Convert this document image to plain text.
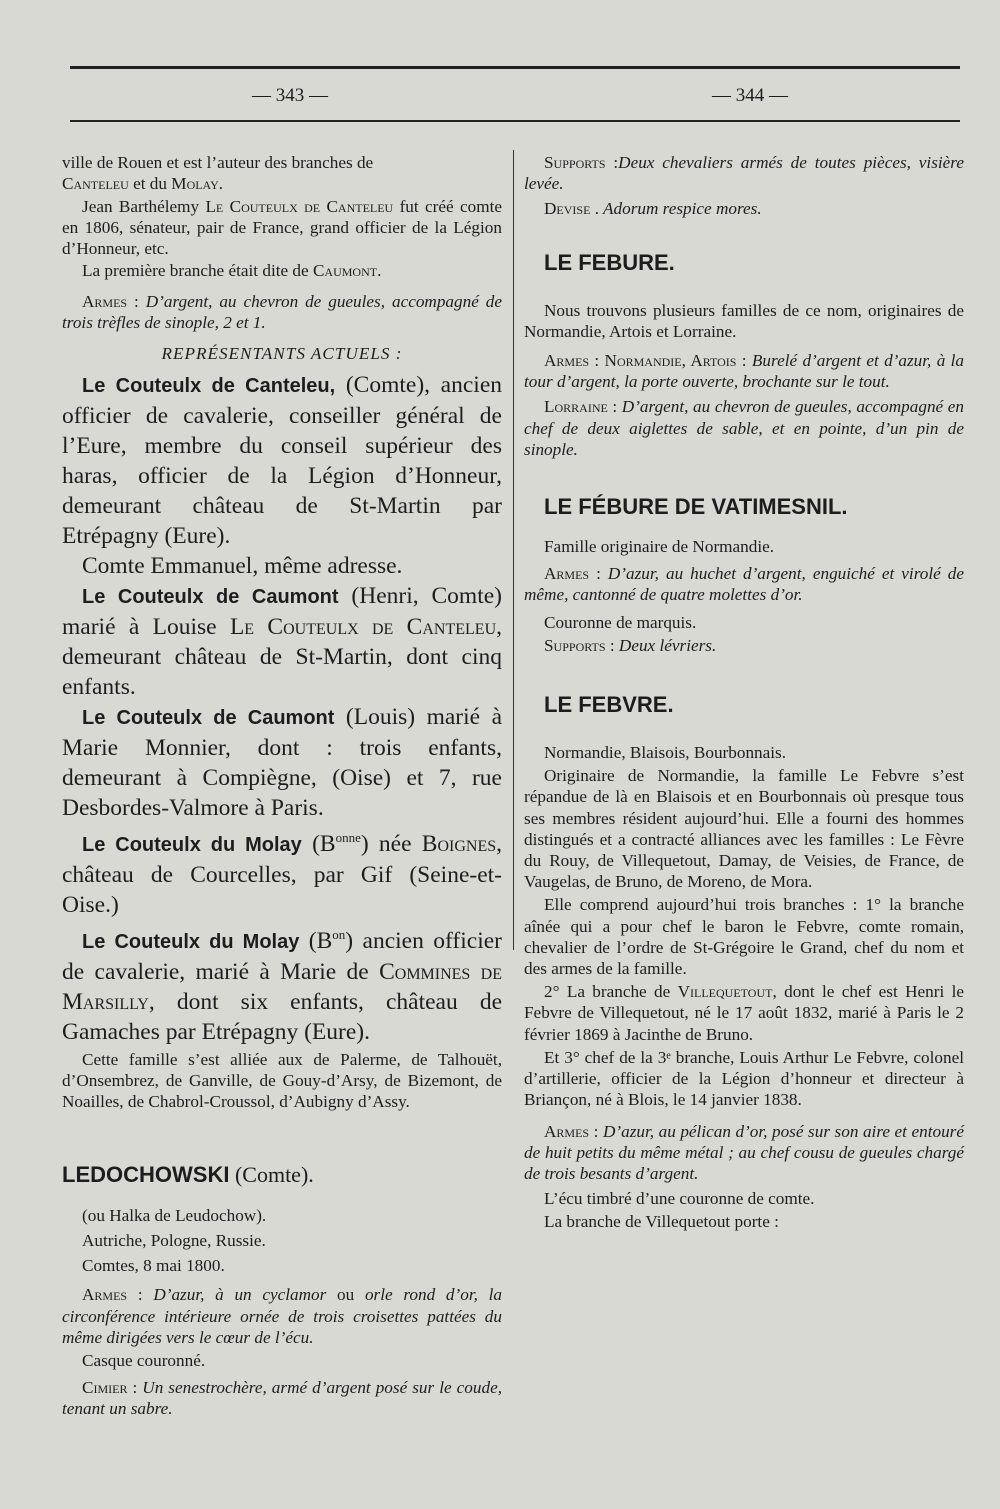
— 343 —	— 344 —

ville de Rouen et est l’auteur des branches de
Canteleu et du Molay.

Jean Barthélemy Le Couteulx de Canteleu fut créé comte en 1806, sénateur, pair de France, grand officier de la Légion d’Honneur, etc.

La première branche était dite de Caumont.

Armes : D’argent, au chevron de gueules, accompagné de trois trèfles de sinople, 2 et 1.

REPRÉSENTANTS ACTUELS :

Le Couteulx de Canteleu, (Comte), ancien officier de cavalerie, conseiller général de l’Eure, membre du conseil supérieur des haras, officier de la Légion d’Honneur, demeurant château de St-Martin par Etrépagny (Eure).

Comte Emmanuel, même adresse.

Le Couteulx de Caumont (Henri, Comte) marié à Louise Le Couteulx de Canteleu, demeurant château de St-Martin, dont cinq enfants.

Le Couteulx de Caumont (Louis) marié à Marie Monnier, dont : trois enfants, demeurant à Compiègne, (Oise) et 7, rue Desbordes-Valmore à Paris.

Le Couteulx du Molay $(B^{onne})$ née Boignes, château de Courcelles, par Gif (Seine-et-Oise.)

Le Couteulx du Molay $(B^{on})$ ancien officier de cavalerie, marié à Marie de Commines de Marsilly, dont six enfants, château de Gamaches par Etrépagny (Eure).

Cette famille s’est alliée aux de Palerme, de Talhouët, d’Onsembrez, de Ganville, de Gouy-d’Arsy, de Bizemont, de Noailles, de Chabrol-Croussol, d’Aubigny d’Assy.

LEDOCHOWSKI (Comte).

(ou Halka de Leudochow).

Autriche, Pologne, Russie.

Comtes, 8 mai 1800.

Armes : D’azur, à un cyclamor ou orle rond d’or, la circonférence intérieure ornée de trois croisettes pattées du même dirigées vers le cœur de l’écu.

Casque couronné.

Cimier : Un senestrochère, armé d’argent posé sur le coude, tenant un sabre.

Supports :Deux chevaliers armés de toutes pièces, visière levée.

Devise . Adorum respice mores.

LE FEBURE.

Nous trouvons plusieurs familles de ce nom, originaires de Normandie, Artois et Lorraine.

Armes : Normandie, Artois : Burelé d’argent et d’azur, à la tour d’argent, la porte ouverte, brochante sur le tout.

Lorraine : D’argent, au chevron de gueules, accompagné en chef de deux aiglettes de sable, et en pointe, d’un pin de sinople.

LE FÉBURE DE VATIMESNIL.

Famille originaire de Normandie.

Armes : D’azur, au huchet d’argent, enguiché et virolé de même, cantonné de quatre molettes d’or.

Couronne de marquis.

Supports : Deux lévriers.

LE FEBVRE.

Normandie, Blaisois, Bourbonnais.

Originaire de Normandie, la famille Le Febvre s’est répandue de là en Blaisois et en Bourbonnais où presque tous ses membres résident aujourd’hui. Elle a fourni des hommes distingués et a contracté alliances avec les familles : Le Fèvre du Rouy, de Villequetout, Damay, de Veisies, de France, de Vaugelas, de Bruno, de Moreno, de Mora.

Elle comprend aujourd’hui trois branches : 1° la branche aînée qui a pour chef le baron le Febvre, comte romain, chevalier de l’ordre de St-Grégoire le Grand, chef du nom et des armes de la famille.

2° La branche de Villequetout, dont le chef est Henri le Febvre de Villequetout, né le 17 août 1832, marié à Paris le 2 février 1869 à Jacinthe de Bruno.

Et 3° chef de la 3ᵉ branche, Louis Arthur Le Febvre, colonel d’artillerie, officier de la Légion d’honneur et directeur à Briançon, né à Blois, le 14 janvier 1838.

Armes : D’azur, au pélican d’or, posé sur son aire et entouré de huit petits du même métal ; au chef cousu de gueules chargé de trois besants d’argent.

L’écu timbré d’une couronne de comte.

La branche de Villequetout porte :
